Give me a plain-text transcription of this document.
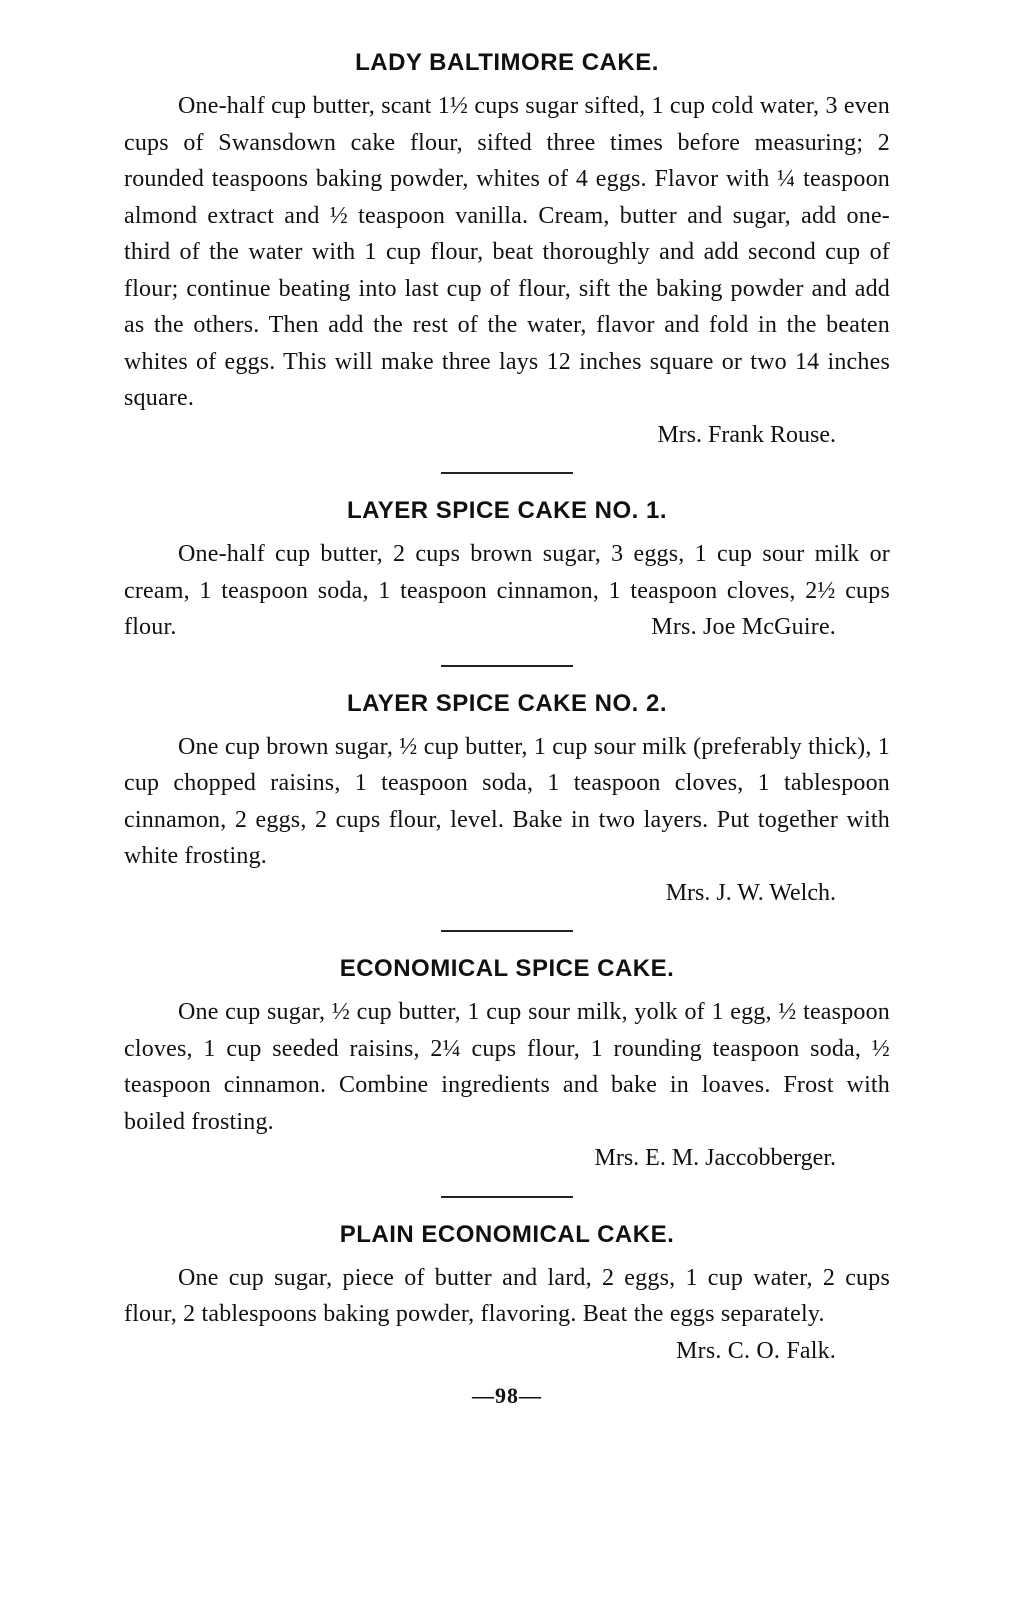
LADY BALTIMORE CAKE.

One-half cup butter, scant 1½ cups sugar sifted, 1 cup cold water, 3 even cups of Swansdown cake flour, sifted three times before measuring; 2 rounded teaspoons baking powder, whites of 4 eggs. Flavor with ¼ teaspoon almond extract and ½ teaspoon vanilla. Cream, butter and sugar, add one-third of the water with 1 cup flour, beat thoroughly and add second cup of flour; continue beating into last cup of flour, sift the baking powder and add as the others. Then add the rest of the water, flavor and fold in the beaten whites of eggs. This will make three lays 12 inches square or two 14 inches square.

Mrs. Frank Rouse.

LAYER SPICE CAKE NO. 1.

One-half cup butter, 2 cups brown sugar, 3 eggs, 1 cup sour milk or cream, 1 teaspoon soda, 1 teaspoon cinnamon, 1 teaspoon cloves, 2½ cups flour.	Mrs. Joe McGuire.

LAYER SPICE CAKE NO. 2.

One cup brown sugar, ½ cup butter, 1 cup sour milk (preferably thick), 1 cup chopped raisins, 1 teaspoon soda, 1 teaspoon cloves, 1 tablespoon cinnamon, 2 eggs, 2 cups flour, level. Bake in two layers. Put together with white frosting.

Mrs. J. W. Welch.

ECONOMICAL SPICE CAKE.

One cup sugar, ½ cup butter, 1 cup sour milk, yolk of 1 egg, ½ teaspoon cloves, 1 cup seeded raisins, 2¼ cups flour, 1 rounding teaspoon soda, ½ teaspoon cinnamon. Combine ingredients and bake in loaves. Frost with boiled frosting.

Mrs. E. M. Jaccobberger.

PLAIN ECONOMICAL CAKE.

One cup sugar, piece of butter and lard, 2 eggs, 1 cup water, 2 cups flour, 2 tablespoons baking powder, flavoring. Beat the eggs separately.
Mrs. C. O. Falk.

—98—
